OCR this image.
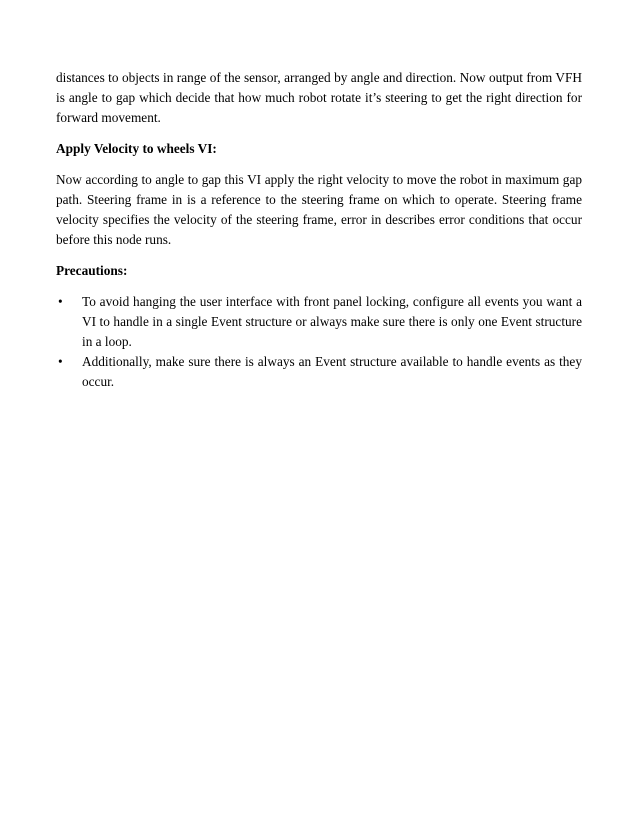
distances to objects in range of the sensor, arranged by angle and direction. Now output from VFH is angle to gap which decide that how much robot rotate it’s steering to get the right direction for forward movement.

Apply Velocity to wheels VI:

Now according to angle to gap this VI apply the right velocity to move the robot in maximum gap path. Steering frame in is a reference to the steering frame on which to operate. Steering frame velocity specifies the velocity of the steering frame, error in describes error conditions that occur before this node runs.

Precautions:

• To avoid hanging the user interface with front panel locking, configure all events you want a VI to handle in a single Event structure or always make sure there is only one Event structure in a loop.
• Additionally, make sure there is always an Event structure available to handle events as they occur.
